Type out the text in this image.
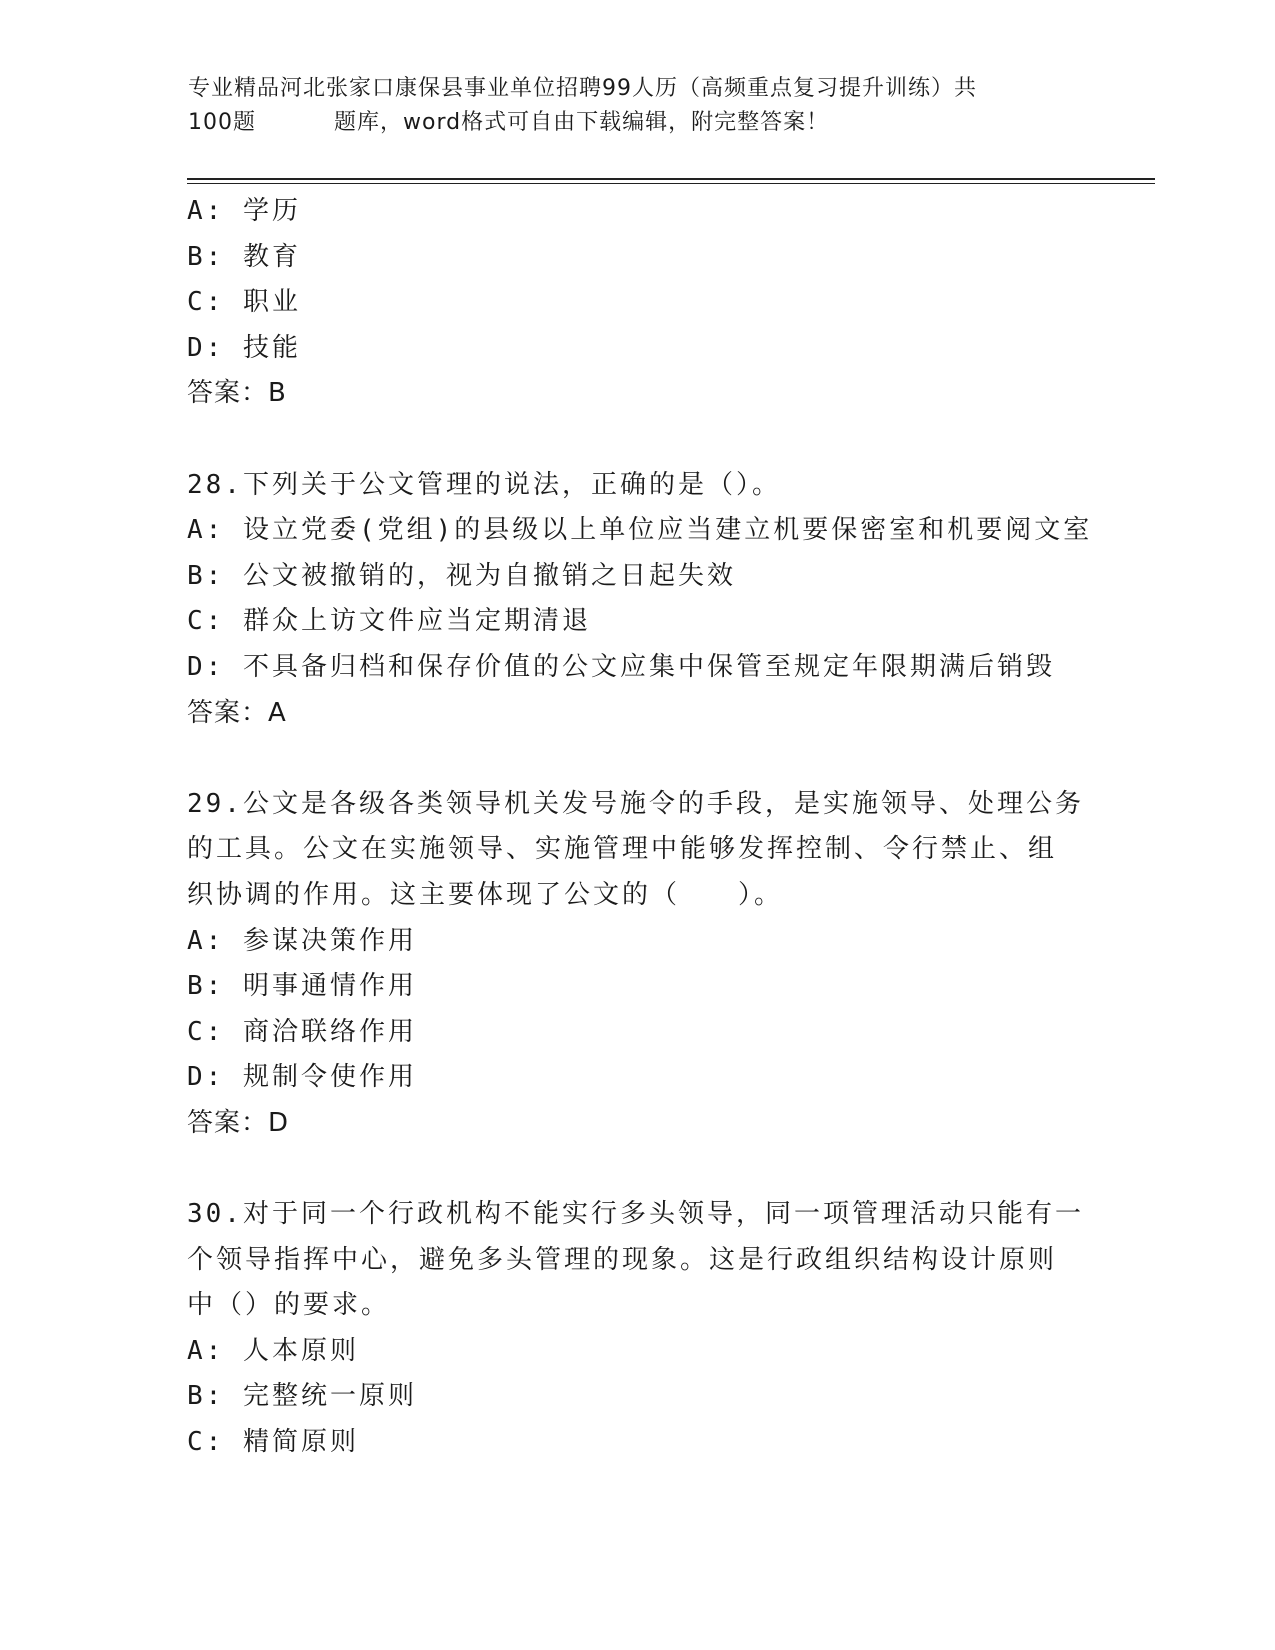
专业精品河北张家口康保县事业单位招聘99人历（高频重点复习提升训练）共
100题	题库，word格式可自由下载编辑，附完整答案！
A: 学历
B: 教育
C: 职业
D: 技能
答案：B
28.下列关于公文管理的说法，正确的是（）。
A: 设立党委(党组)的县级以上单位应当建立机要保密室和机要阅文室
B: 公文被撤销的，视为自撤销之日起失效
C: 群众上访文件应当定期清退
D: 不具备归档和保存价值的公文应集中保管至规定年限期满后销毁
答案：A
29.公文是各级各类领导机关发号施令的手段，是实施领导、处理公务
的工具。公文在实施领导、实施管理中能够发挥控制、令行禁止、组
织协调的作用。这主要体现了公文的（　　）。
A: 参谋决策作用
B: 明事通情作用
C: 商洽联络作用
D: 规制令使作用
答案：D
30.对于同一个行政机构不能实行多头领导，同一项管理活动只能有一
个领导指挥中心，避免多头管理的现象。这是行政组织结构设计原则
中（）的要求。
A: 人本原则
B: 完整统一原则
C: 精简原则
